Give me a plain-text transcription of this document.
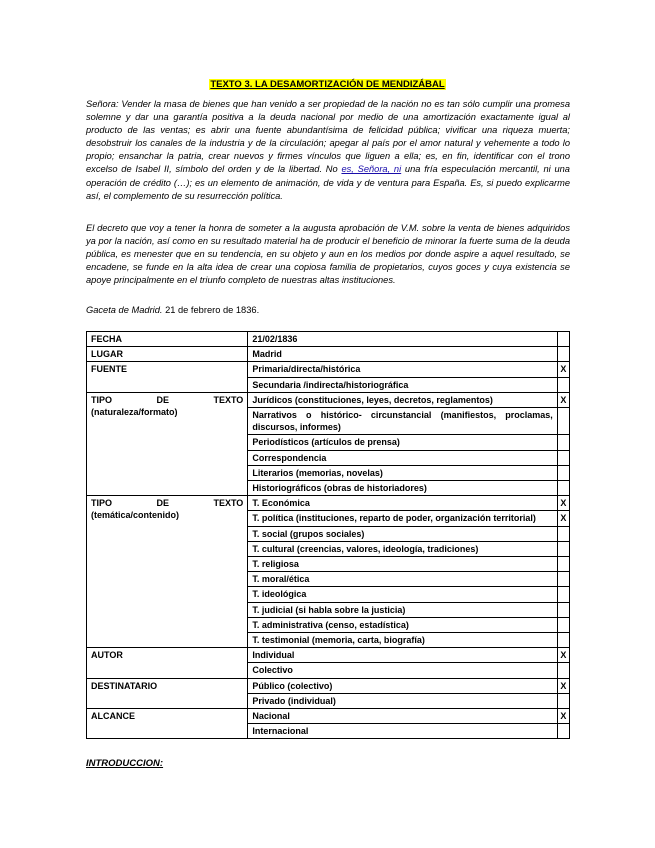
TEXTO 3. LA DESAMORTIZACIÓN DE MENDIZÁBAL

Señora: Vender la masa de bienes que han venido a ser propiedad de la nación no es tan sólo cumplir una promesa solemne y dar una garantía positiva a la deuda nacional por medio de una amortización exactamente igual al producto de las ventas; es abrir una fuente abundantísima de felicidad pública; vivificar una riqueza muerta; desobstruir los canales de la industria y de la circulación; apegar al país por el amor natural y vehemente a todo lo propio; ensanchar la patria, crear nuevos y firmes vínculos que liguen a ella; es, en fin, identificar con el trono excelso de Isabel II, símbolo del orden y de la libertad. No es, Señora, ni una fría especulación mercantil, ni una operación de crédito (…); es un elemento de animación, de vida y de ventura para España. Es, si puedo explicarme así, el complemento de su resurrección política.

El decreto que voy a tener la honra de someter a la augusta aprobación de V.M. sobre la venta de bienes adquiridos ya por la nación, así como en su resultado material ha de producir el beneficio de minorar la fuerte suma de la deuda pública, es menester que en su tendencia, en su objeto y aun en los medios por donde aspire a aquel resultado, se encadene, se funde en la alta idea de crear una copiosa familia de propietarios, cuyos goces y cuya existencia se apoye principalmente en el triunfo completo de nuestras altas instituciones.

Gaceta de Madrid. 21 de febrero de 1836.
FECHA	21/02/1836	
LUGAR	Madrid	
FUENTE	Primaria/directa/histórica	X
	Secundaria /indirecta/historiográfica	

TIPO DE TEXTO
(naturaleza/formato)	Jurídicos (constituciones, leyes, decretos, reglamentos)	X
	Narrativos o histórico- circunstancial (manifiestos, proclamas, discursos, informes)	
	Periodísticos (artículos de prensa)	
	Correspondencia	
	Literarios (memorias, novelas)	
	Historiográficos (obras de historiadores)	

TIPO DE TEXTO
(temática/contenido)	T. Económica	X
	T. política (instituciones, reparto de poder, organización territorial)	X
	T. social (grupos sociales)	
	T. cultural (creencias, valores, ideología, tradiciones)	
	T. religiosa	
	T. moral/ética	
	T. ideológica	
	T. judicial (si habla sobre la justicia)	
	T. administrativa (censo, estadística)	
	T. testimonial (memoria, carta, biografía)	
AUTOR	Individual	X
	Colectivo	
DESTINATARIO	Público (colectivo)	X
	Privado (individual)	
ALCANCE	Nacional	X
	Internacional	
INTRODUCCION:
